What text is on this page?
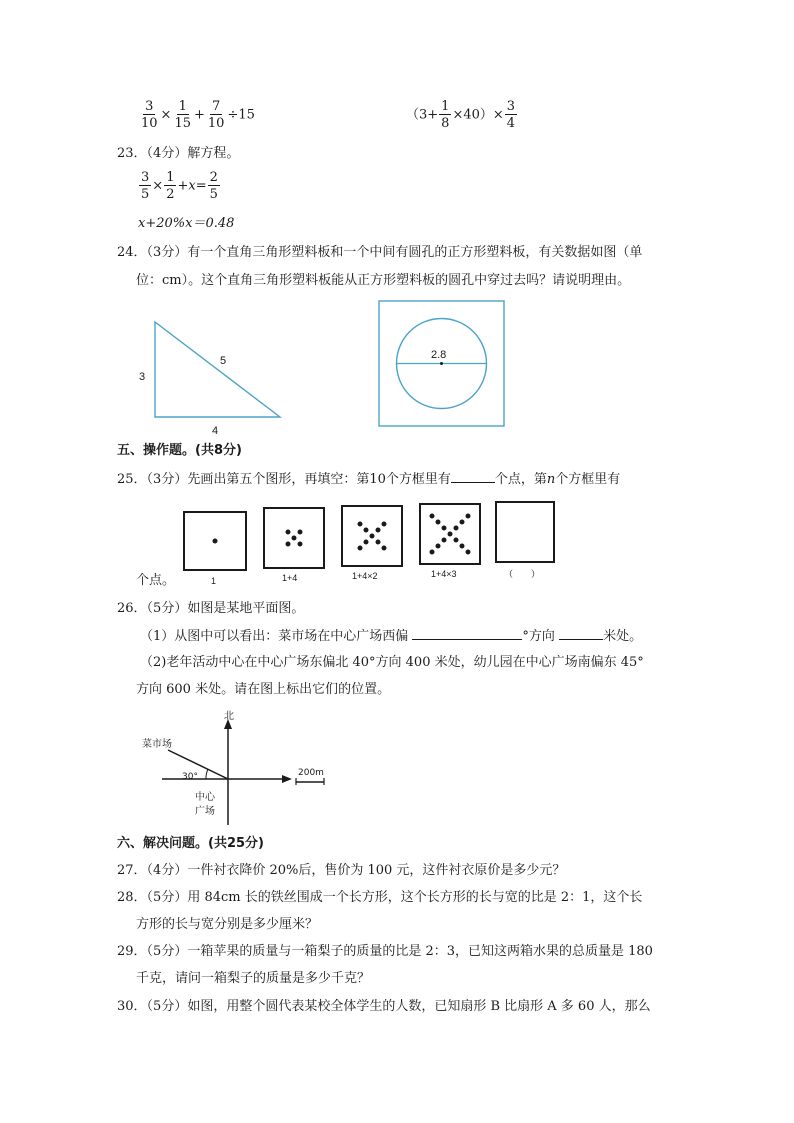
$\frac{3}{10} \times \frac{1}{15} + \frac{7}{10} \div 15$	$(3+ \frac{1}{8} \times 40)\times \frac{3}{4}$
23．（4分）解方程。
$\frac{3}{5} \times \frac{1}{2} +x= \frac{2}{5}$
x+20%x＝0.48
24．（3分）有一个直角三角形塑料板和一个中间有圆孔的正方形塑料板，有关数据如图（单
位：cm）。这个直角三角形塑料板能从正方形塑料板的圆孔中穿过去吗？请说明理由。
3
5
4
2.8
五、操作题。(共8分)
25．（3分）先画出第五个图形，再填空：第10个方框里有	个点，第n个方框里有
1	1+4	1+4×2	1+4×3	（　　）
个点。
26．（5分）如图是某地平面图。
（1）从图中可以看出：菜市场在中心广场西偏	°方向	米处。
（2)老年活动中心在中心广场东偏北 40°方向 400 米处，幼儿园在中心广场南偏东 45°
方向 600 米处。请在图上标出它们的位置。
北
菜市场
30°
中心
广场
200m
六、解决问题。(共25分)
27．（4分）一件衬衣降价 20%后，售价为 100 元，这件衬衣原价是多少元？
28．（5分）用 84cm 长的铁丝围成一个长方形，这个长方形的长与宽的比是 2：1，这个长
方形的长与宽分别是多少厘米？
29．（5分）一箱苹果的质量与一箱梨子的质量的比是 2：3，已知这两箱水果的总质量是 180
千克，请问一箱梨子的质量是多少千克？
30．（5分）如图，用整个圆代表某校全体学生的人数，已知扇形 B 比扇形 A 多 60 人，那么
